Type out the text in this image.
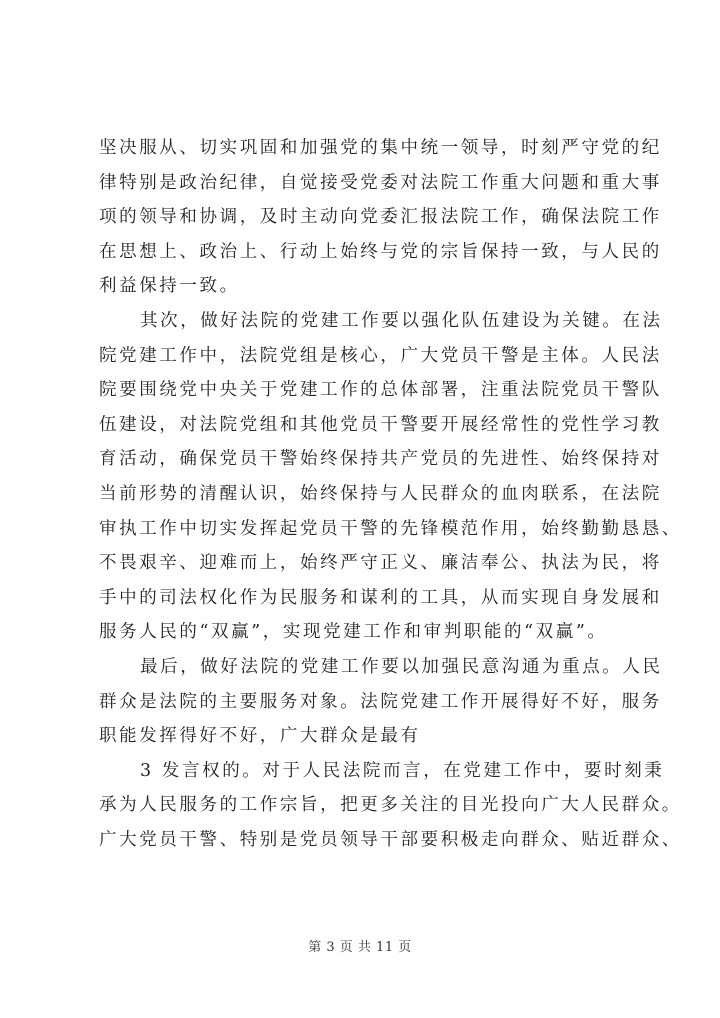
坚决服从、切实巩固和加强党的集中统一领导，时刻严守党的纪
律特别是政治纪律，自觉接受党委对法院工作重大问题和重大事
项的领导和协调，及时主动向党委汇报法院工作，确保法院工作
在思想上、政治上、行动上始终与党的宗旨保持一致，与人民的
利益保持一致。
其次，做好法院的党建工作要以强化队伍建设为关键。在法
院党建工作中，法院党组是核心，广大党员干警是主体。人民法
院要围绕党中央关于党建工作的总体部署，注重法院党员干警队
伍建设，对法院党组和其他党员干警要开展经常性的党性学习教
育活动，确保党员干警始终保持共产党员的先进性、始终保持对
当前形势的清醒认识，始终保持与人民群众的血肉联系，在法院
审执工作中切实发挥起党员干警的先锋模范作用，始终勤勤恳恳、
不畏艰辛、迎难而上，始终严守正义、廉洁奉公、执法为民，将
手中的司法权化作为民服务和谋利的工具，从而实现自身发展和
服务人民的“双赢”，实现党建工作和审判职能的“双赢”。
最后，做好法院的党建工作要以加强民意沟通为重点。人民
群众是法院的主要服务对象。法院党建工作开展得好不好，服务
职能发挥得好不好，广大群众是最有
3 发言权的。对于人民法院而言，在党建工作中，要时刻秉
承为人民服务的工作宗旨，把更多关注的目光投向广大人民群众。
广大党员干警、特别是党员领导干部要积极走向群众、贴近群众、
第 3 页 共 11 页
